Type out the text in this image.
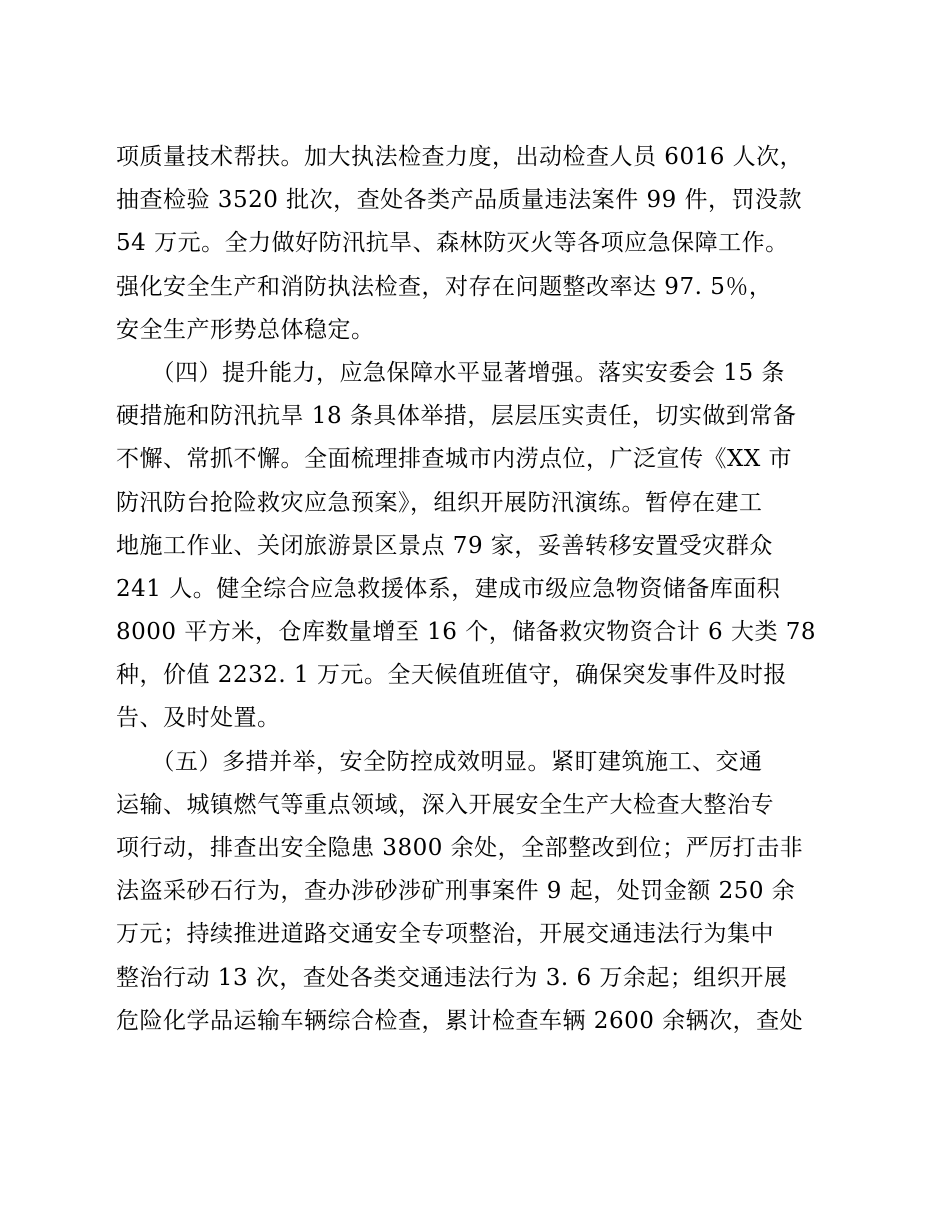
项质量技术帮扶。加大执法检查力度，出动检查人员 6016 人次，
抽查检验 3520 批次，查处各类产品质量违法案件 99 件，罚没款
54 万元。全力做好防汛抗旱、森林防灭火等各项应急保障工作。
强化安全生产和消防执法检查，对存在问题整改率达 97. 5％，
安全生产形势总体稳定。
　　（四）提升能力，应急保障水平显著增强。落实安委会 15 条
硬措施和防汛抗旱 18 条具体举措，层层压实责任，切实做到常备
不懈、常抓不懈。全面梳理排查城市内涝点位，广泛宣传《XX 市
防汛防台抢险救灾应急预案》，组织开展防汛演练。暂停在建工
地施工作业、关闭旅游景区景点 79 家，妥善转移安置受灾群众
241 人。健全综合应急救援体系，建成市级应急物资储备库面积
8000 平方米，仓库数量增至 16 个，储备救灾物资合计 6 大类 78
种，价值 2232. 1 万元。全天候值班值守，确保突发事件及时报
告、及时处置。
　　（五）多措并举，安全防控成效明显。紧盯建筑施工、交通
运输、城镇燃气等重点领域，深入开展安全生产大检查大整治专
项行动，排查出安全隐患 3800 余处，全部整改到位；严厉打击非
法盗采砂石行为，查办涉砂涉矿刑事案件 9 起，处罚金额 250 余
万元；持续推进道路交通安全专项整治，开展交通违法行为集中
整治行动 13 次，查处各类交通违法行为 3. 6 万余起；组织开展
危险化学品运输车辆综合检查，累计检查车辆 2600 余辆次，查处
